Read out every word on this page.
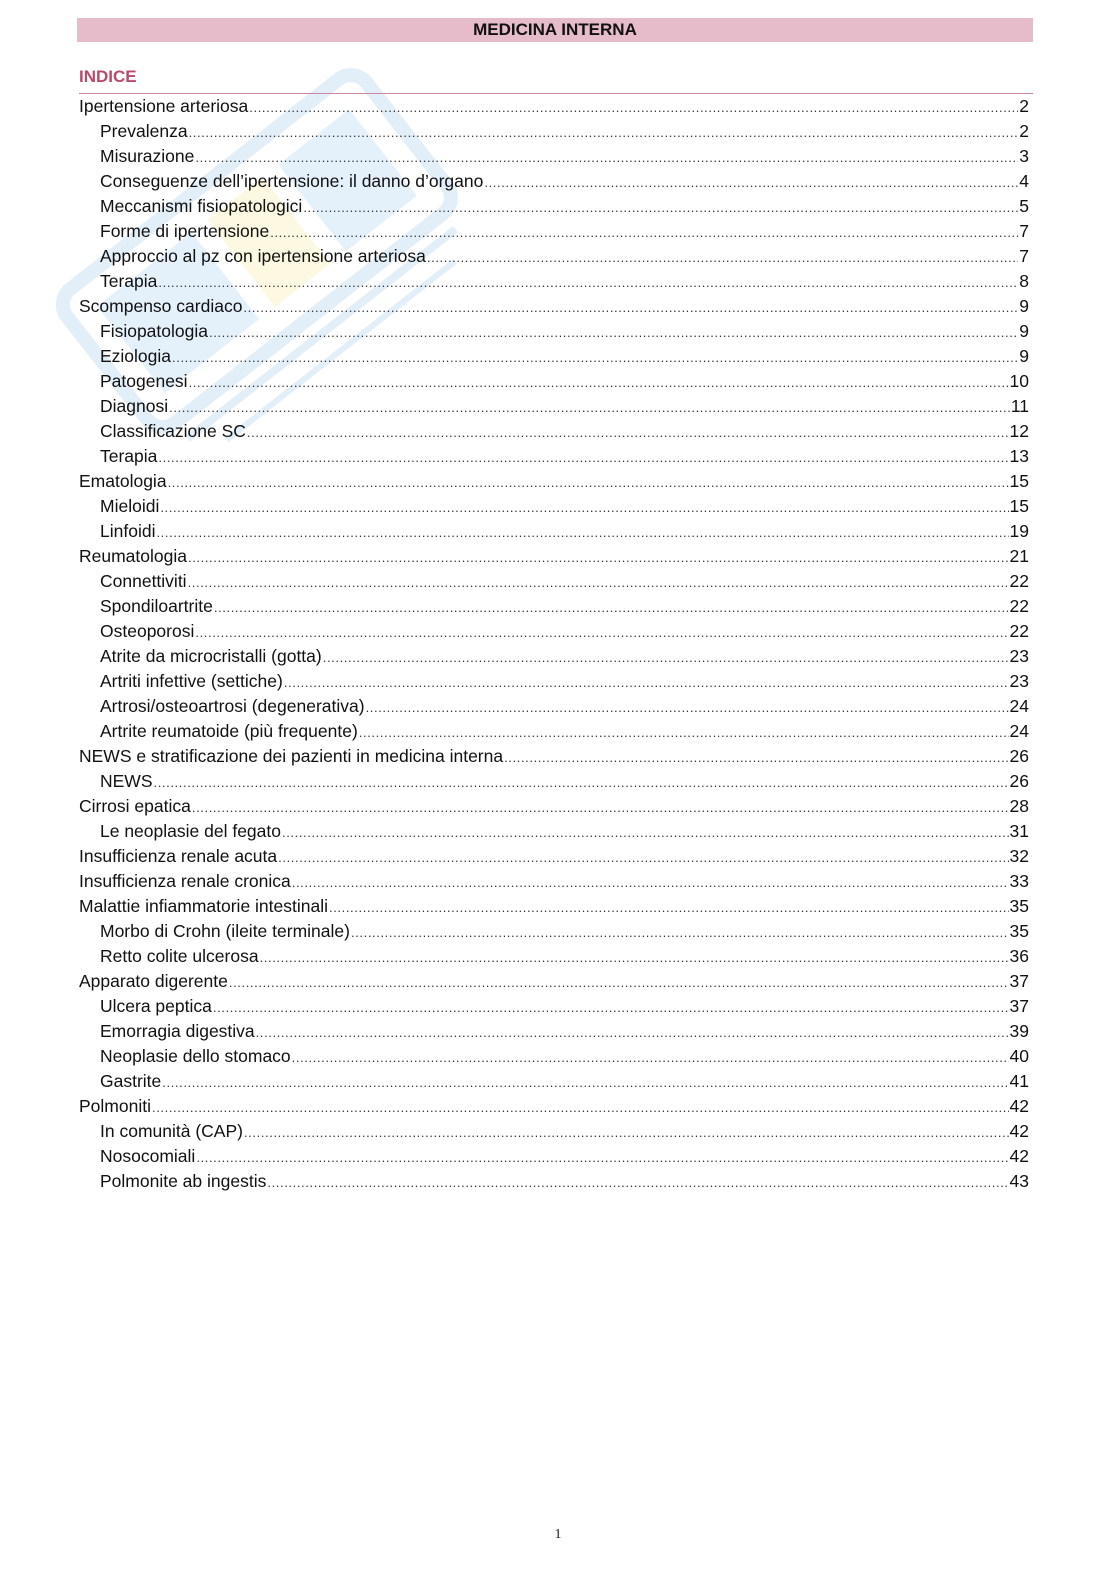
MEDICINA INTERNA
INDICE
Ipertensione arteriosa .....	2
Prevalenza .....	2
Misurazione .....	3
Conseguenze dell’ipertensione: il danno d’organo .....	4
Meccanismi fisiopatologici .....	5
Forme di ipertensione .....	7
Approccio al pz con ipertensione arteriosa .....	7
Terapia .....	8
Scompenso cardiaco .....	9
Fisiopatologia .....	9
Eziologia .....	9
Patogenesi .....	10
Diagnosi .....	11
Classificazione SC .....	12
Terapia .....	13
Ematologia .....	15
Mieloidi .....	15
Linfoidi .....	19
Reumatologia .....	21
Connettiviti .....	22
Spondiloartrite .....	22
Osteoporosi .....	22
Atrite da microcristalli (gotta) .....	23
Artriti infettive (settiche) .....	23
Artrosi/osteoartrosi (degenerativa) .....	24
Artrite reumatoide (più frequente) .....	24
NEWS e stratificazione dei pazienti in medicina interna .....	26
NEWS .....	26
Cirrosi epatica .....	28
Le neoplasie del fegato .....	31
Insufficienza renale acuta .....	32
Insufficienza renale cronica .....	33
Malattie infiammatorie intestinali .....	35
Morbo di Crohn (ileite terminale) .....	35
Retto colite ulcerosa .....	36
Apparato digerente .....	37
Ulcera peptica .....	37
Emorragia digestiva .....	39
Neoplasie dello stomaco .....	40
Gastrite .....	41
Polmoniti .....	42
In comunità (CAP) .....	42
Nosocomiali .....	42
Polmonite ab ingestis .....	43
1
